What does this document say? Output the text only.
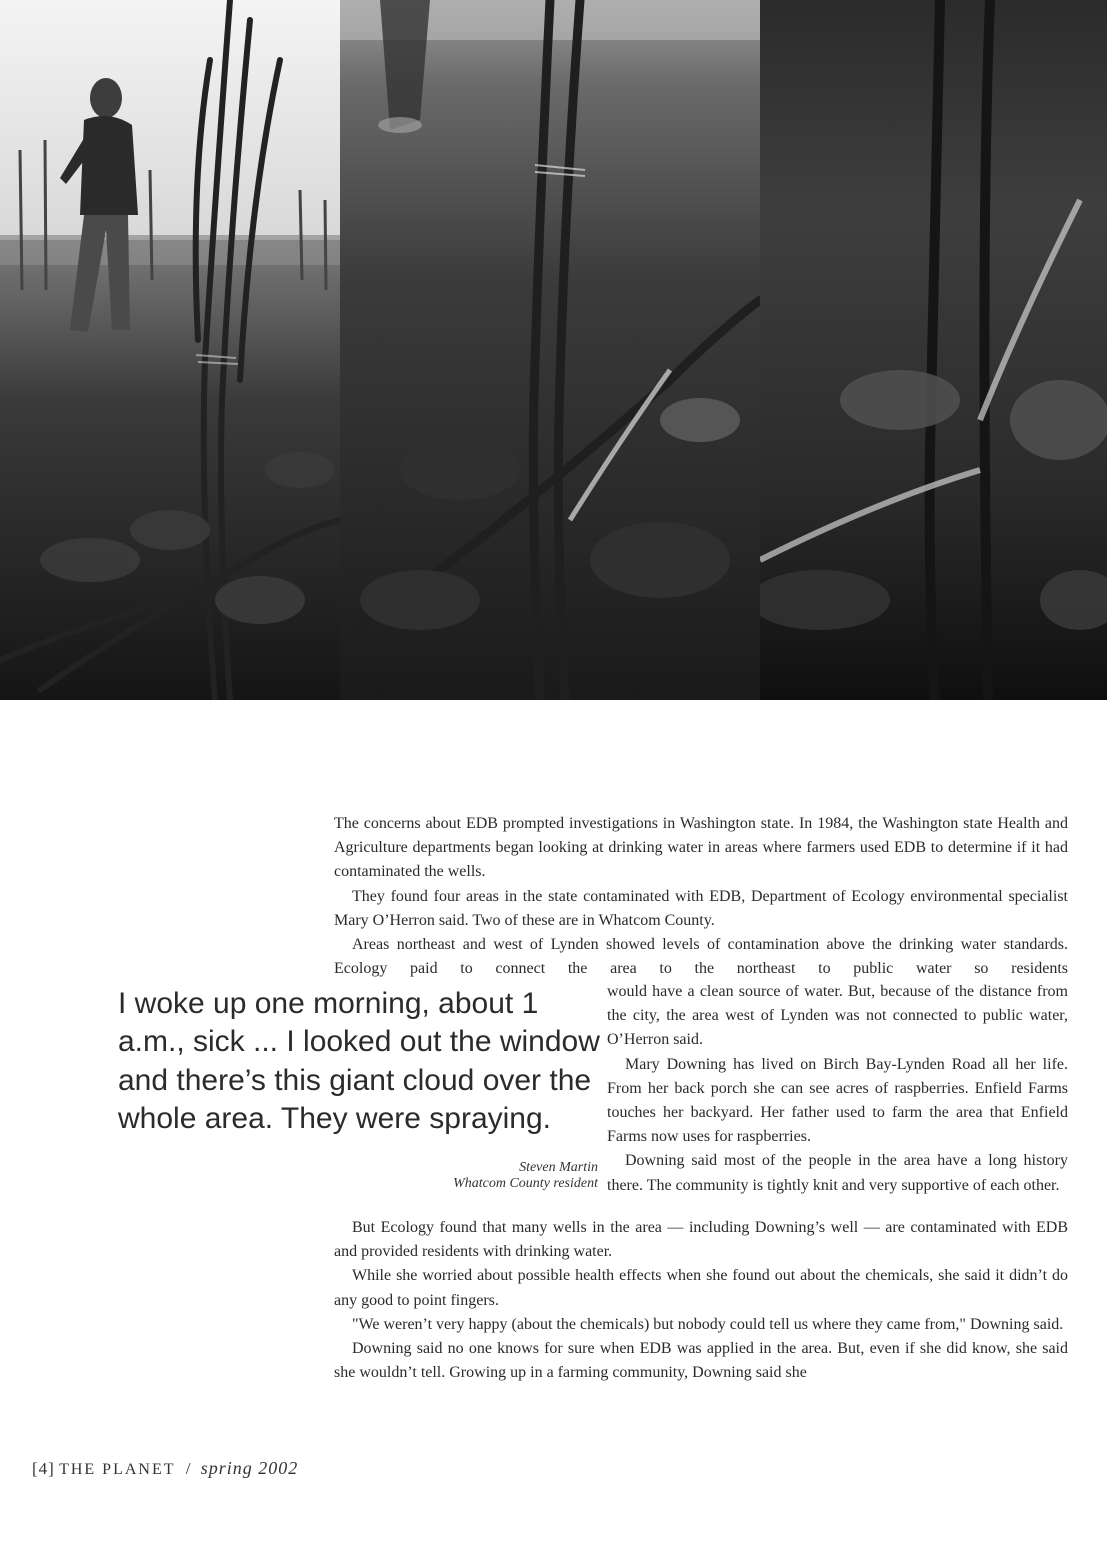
The concerns about EDB prompted investigations in Washington state. In 1984, the Washington state Health and Agriculture departments began looking at drinking water in areas where farmers used EDB to determine if it had contaminated the wells.

They found four areas in the state contaminated with EDB, Department of Ecology environmental specialist Mary O’Herron said. Two of these are in Whatcom County.

Areas northeast and west of Lynden showed levels of contamination above the drinking water standards. Ecology paid to connect the area to the northeast to public water so residents

would have a clean source of water. But, because of the distance from the city, the area west of Lynden was not connected to public water, O’Herron said.

Mary Downing has lived on Birch Bay-Lynden Road all her life. From her back porch she can see acres of raspberries. Enfield Farms touches her backyard. Her father used to farm the area that Enfield Farms now uses for raspberries.

Downing said most of the people in the area have a long history there. The community is tightly knit and very supportive of each other.

But Ecology found that many wells in the area — including Downing’s well — are contaminated with EDB and provided residents with drinking water.

While she worried about possible health effects when she found out about the chemicals, she said it didn’t do any good to point fingers.

"We weren’t very happy (about the chemicals) but nobody could tell us where they came from," Downing said.

Downing said no one knows for sure when EDB was applied in the area. But, even if she did know, she said she wouldn’t tell. Growing up in a farming community, Downing said she

I woke up one morning, about 1 a.m., sick ... I looked out the window and there’s this giant cloud over the whole area. They were spraying.
Steven Martin
Whatcom County resident
[4] THE PLANET / spring 2002
